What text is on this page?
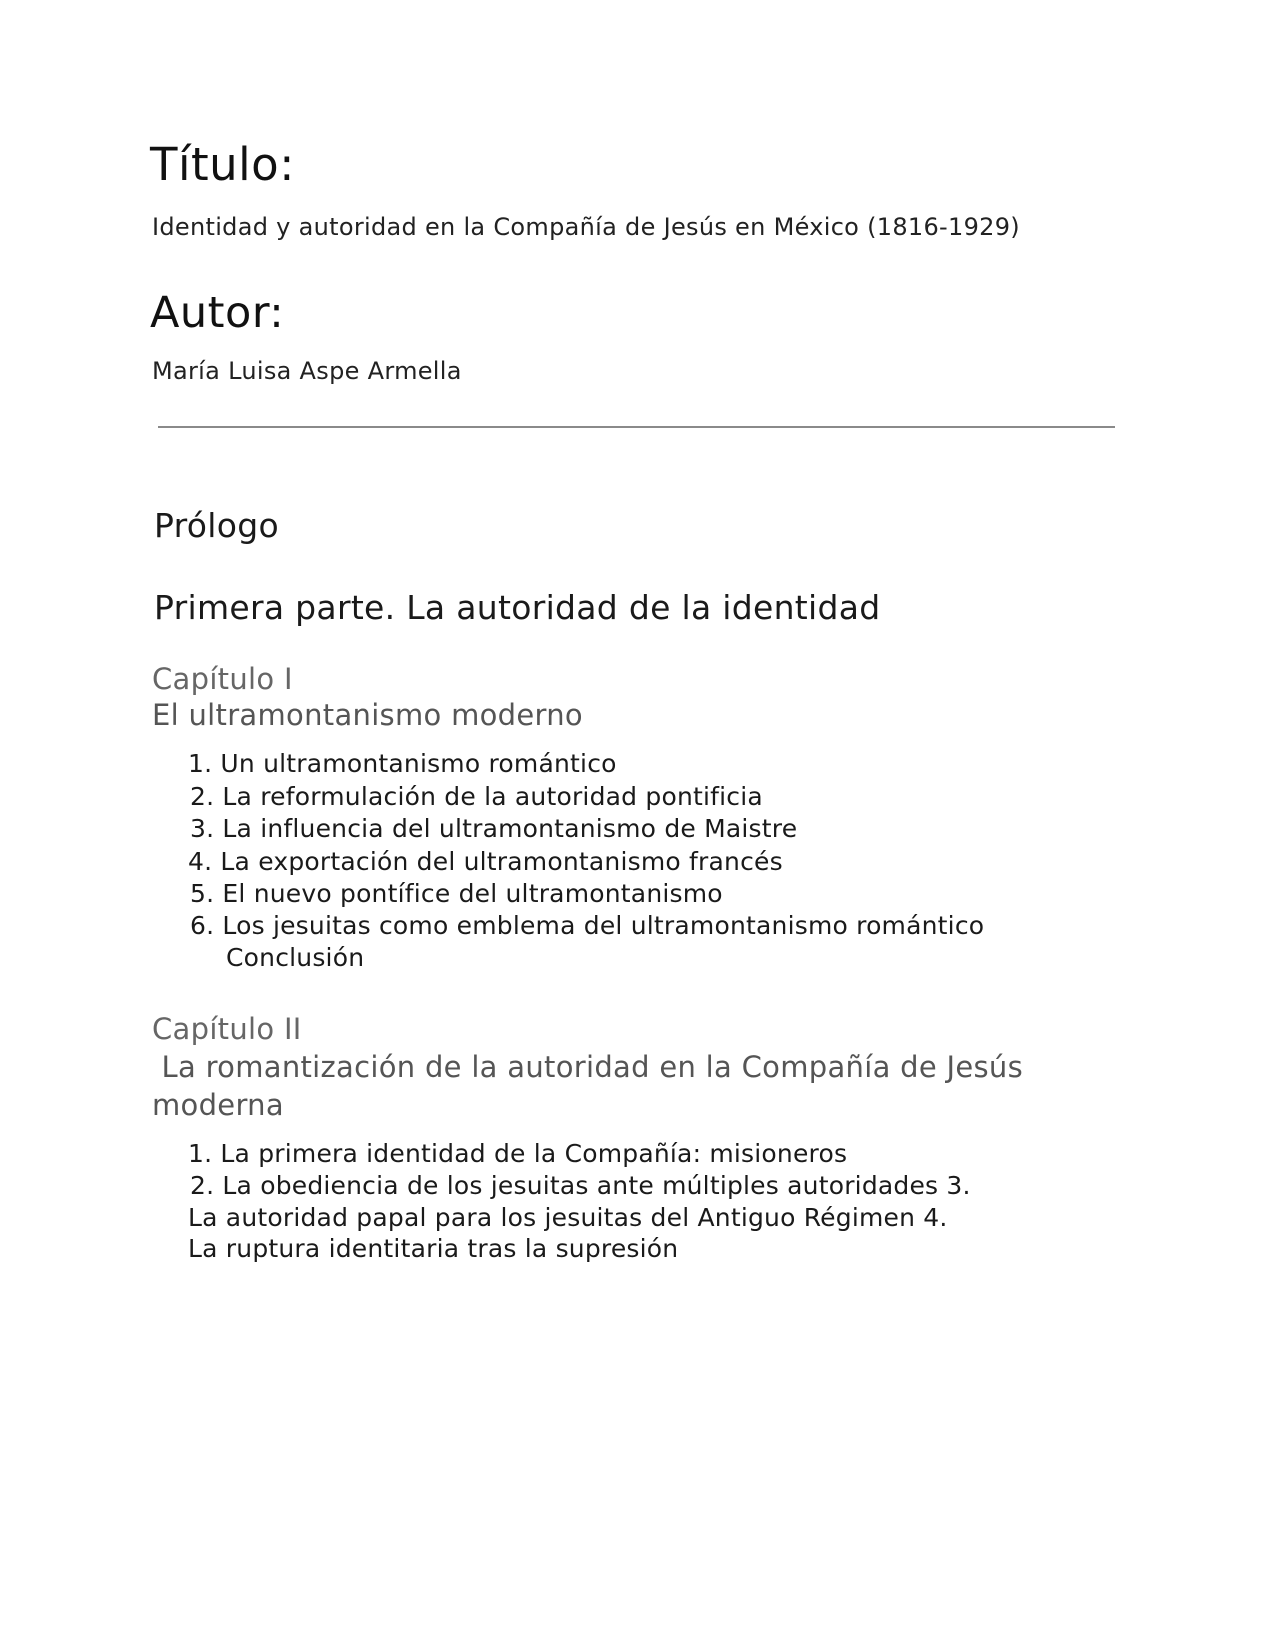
Título:
Identidad y autoridad en la Compañía de Jesús en México (1816-1929)
Autor:
María Luisa Aspe Armella
Prólogo
Primera parte. La autoridad de la identidad
Capítulo I
El ultramontanismo moderno
1. Un ultramontanismo romántico
2. La reformulación de la autoridad pontificia
3. La influencia del ultramontanismo de Maistre
4. La exportación del ultramontanismo francés
5. El nuevo pontífice del ultramontanismo
6. Los jesuitas como emblema del ultramontanismo romántico
Conclusión
Capítulo II
La romantización de la autoridad en la Compañía de Jesús
moderna
1. La primera identidad de la Compañía: misioneros
2. La obediencia de los jesuitas ante múltiples autoridades 3.
La autoridad papal para los jesuitas del Antiguo Régimen 4.
La ruptura identitaria tras la supresión
